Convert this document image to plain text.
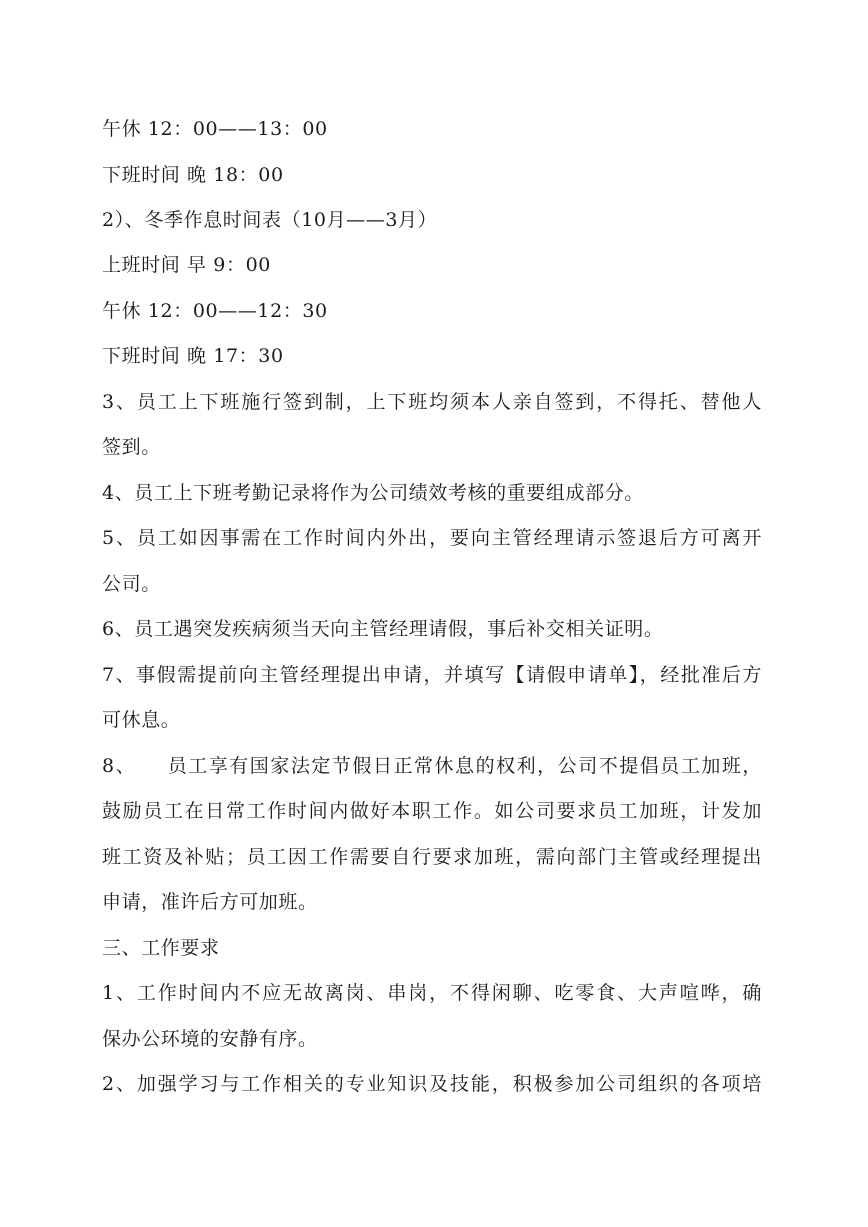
午休 12：00——13：00
下班时间 晚 18：00
2）、冬季作息时间表（10月——3月）
上班时间 早 9：00
午休 12：00——12：30
下班时间 晚 17：30
3、员工上下班施行签到制，上下班均须本人亲自签到，不得托、替他人
签到。
4、员工上下班考勤记录将作为公司绩效考核的重要组成部分。
5、员工如因事需在工作时间内外出，要向主管经理请示签退后方可离开
公司。
6、员工遇突发疾病须当天向主管经理请假，事后补交相关证明。
7、事假需提前向主管经理提出申请，并填写【请假申请单】，经批准后方
可休息。
8、　　员工享有国家法定节假日正常休息的权利，公司不提倡员工加班，
鼓励员工在日常工作时间内做好本职工作。如公司要求员工加班，计发加
班工资及补贴；员工因工作需要自行要求加班，需向部门主管或经理提出
申请，准许后方可加班。
三、工作要求
1、工作时间内不应无故离岗、串岗，不得闲聊、吃零食、大声喧哗，确
保办公环境的安静有序。
2、加强学习与工作相关的专业知识及技能，积极参加公司组织的各项培
